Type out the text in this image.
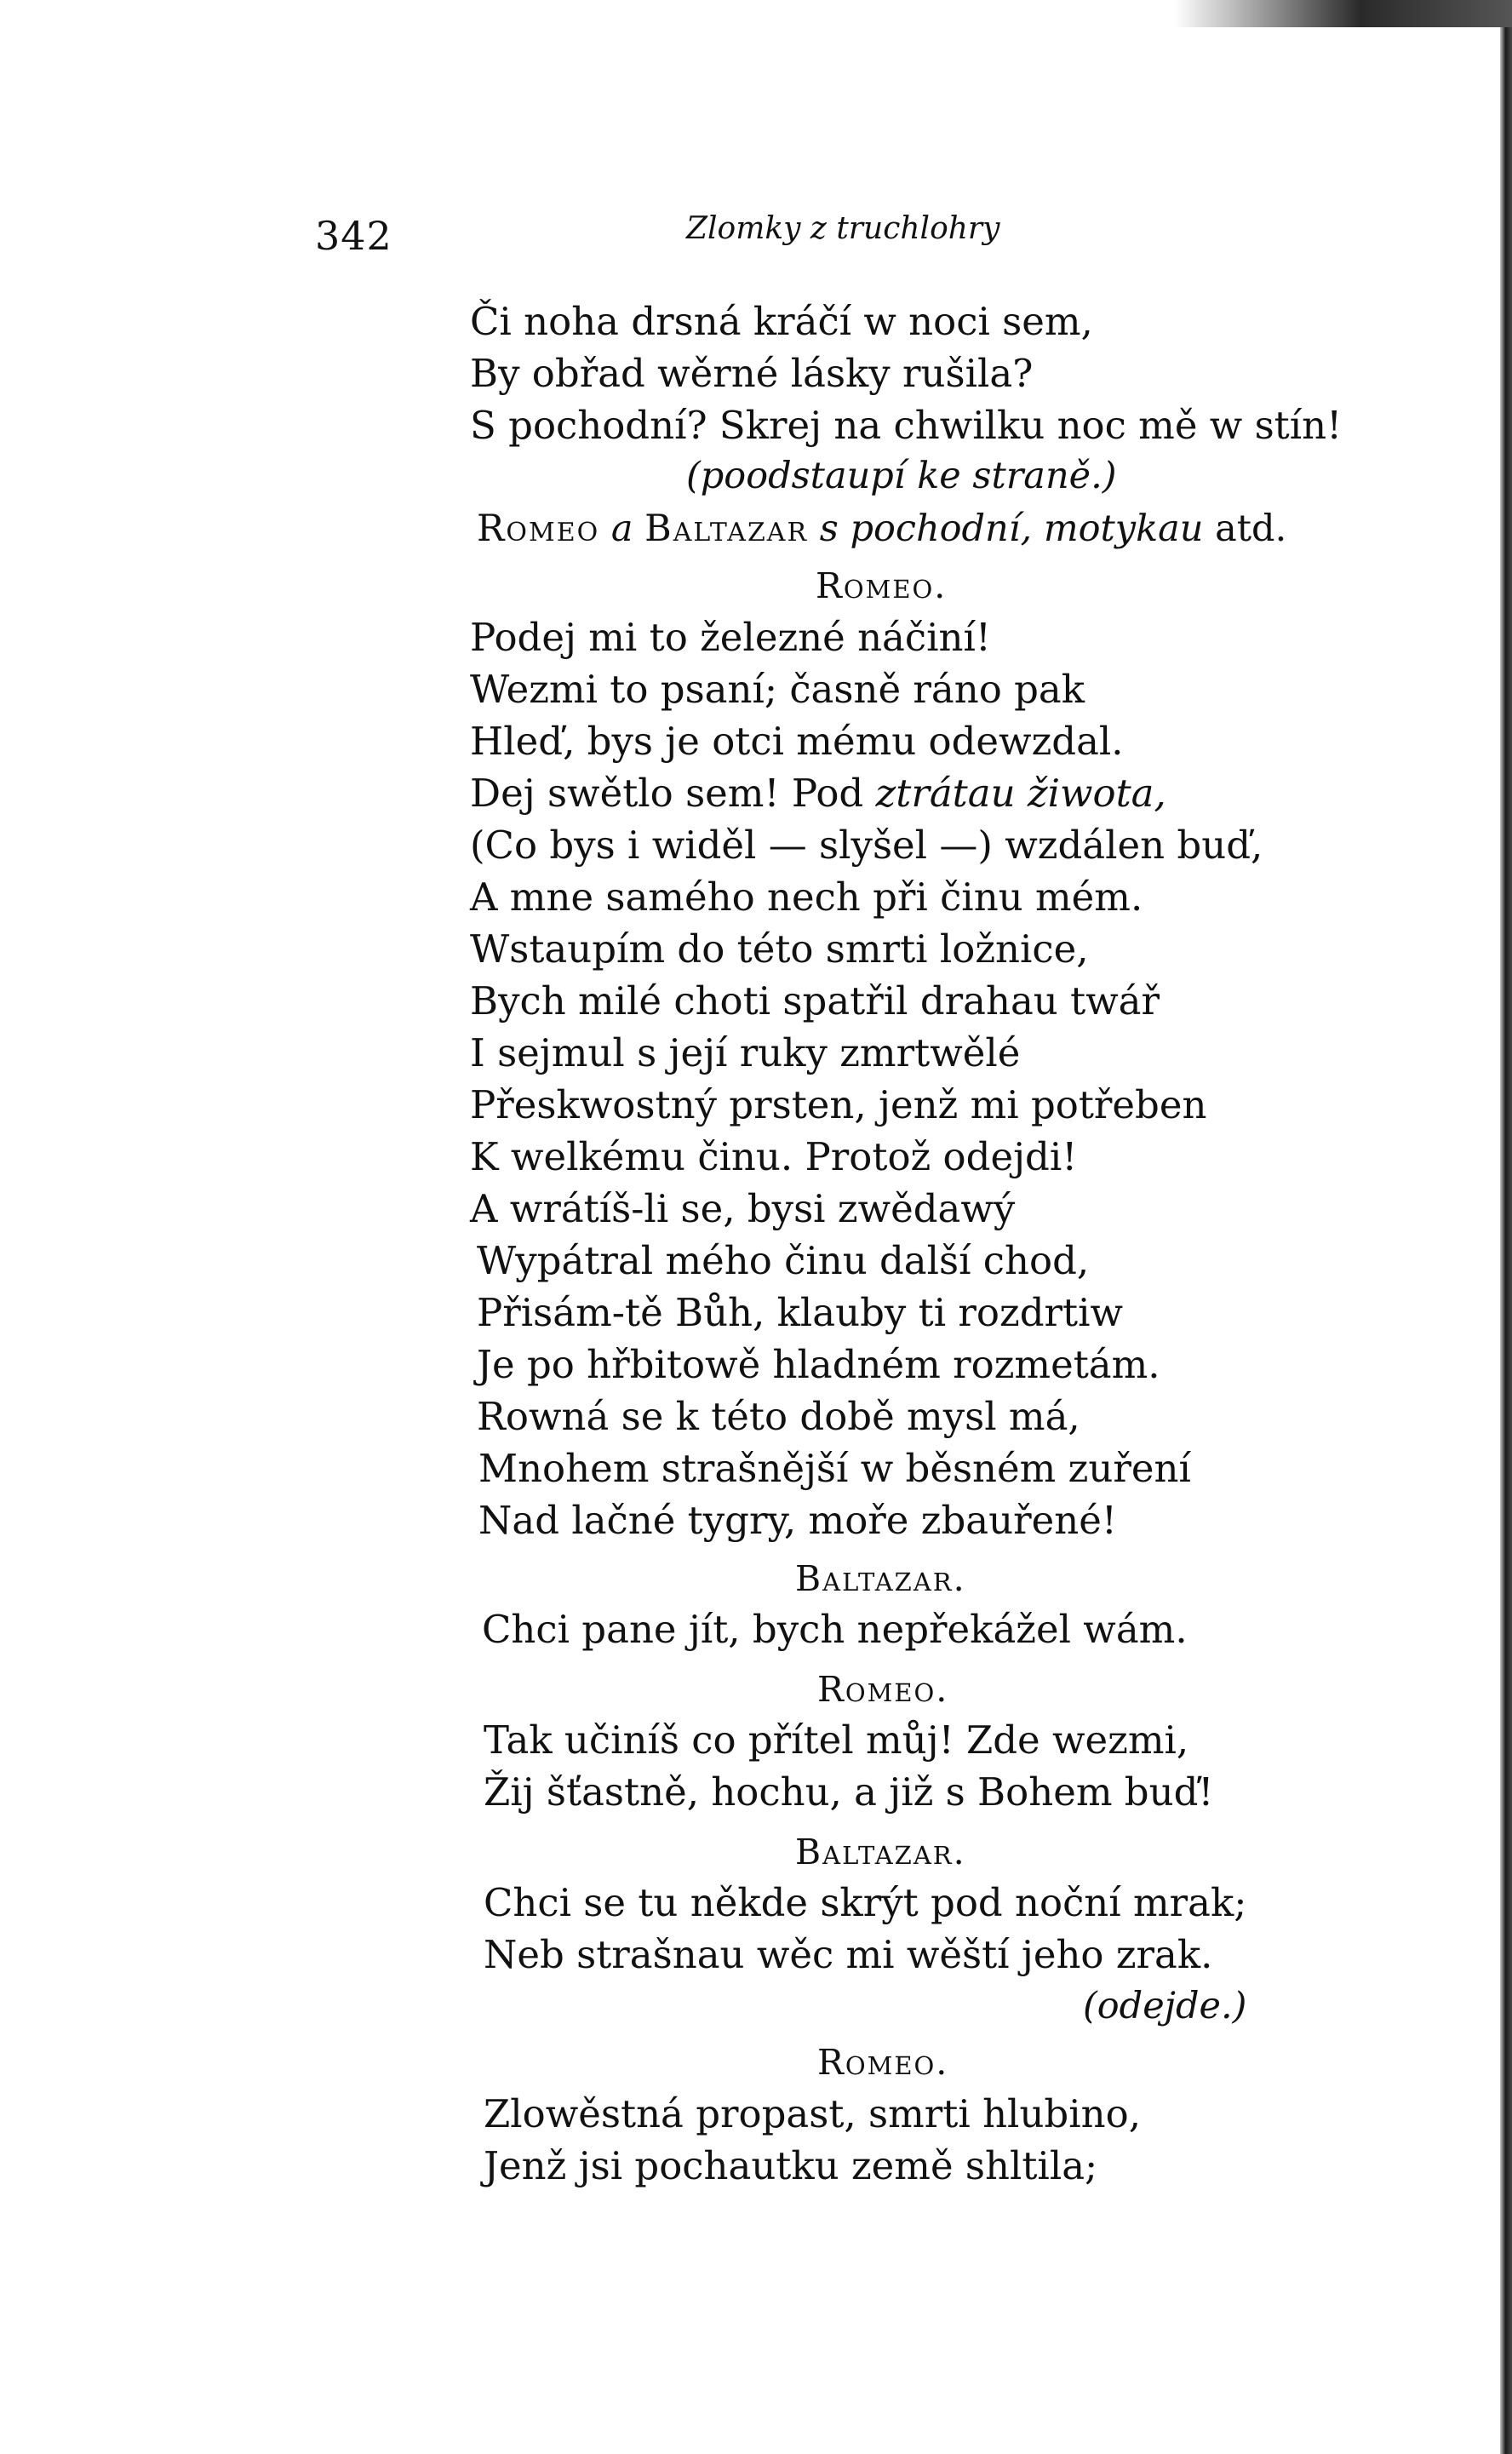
342	Zlomky z truchlohry
Či noha drsná kráčí w noci sem,
By obřad wěrné lásky rušila?
S pochodní? Skrej na chwilku noc mě w stín!
(poodstaupí ke straně.)
Romeo a Baltazar s pochodní, motykau atd.
Romeo.
Podej mi to železné náčiní!
Wezmi to psaní; časně ráno pak
Hleď, bys je otci mému odewzdal.
Dej swětlo sem! Pod ztrátau žiwota,
(Co bys i widěl — slyšel —) wzdálen buď,
A mne samého nech při činu mém.
Wstaupím do této smrti ložnice,
Bych milé choti spatřil drahau twář
I sejmul s její ruky zmrtwělé
Přeskwostný prsten, jenž mi potřeben
K welkému činu. Protož odejdi!
A wrátíš-li se, bysi zwědawý
Wypátral mého činu další chod,
Přisám-tě Bůh, klauby ti rozdrtiw
Je po hřbitowě hladném rozmetám.
Rowná se k této době mysl má,
Mnohem strašnější w běsném zuření
Nad lačné tygry, moře zbauřené!
Baltazar.
Chci pane jít, bych nepřekážel wám.
Romeo.
Tak učiníš co přítel můj! Zde wezmi,
Žij šťastně, hochu, a již s Bohem buď!
Baltazar.
Chci se tu někde skrýt pod noční mrak;
Neb strašnau wěc mi wěští jeho zrak.
(odejde.)
Romeo.
Zlowěstná propast, smrti hlubino,
Jenž jsi pochautku země shltila;
